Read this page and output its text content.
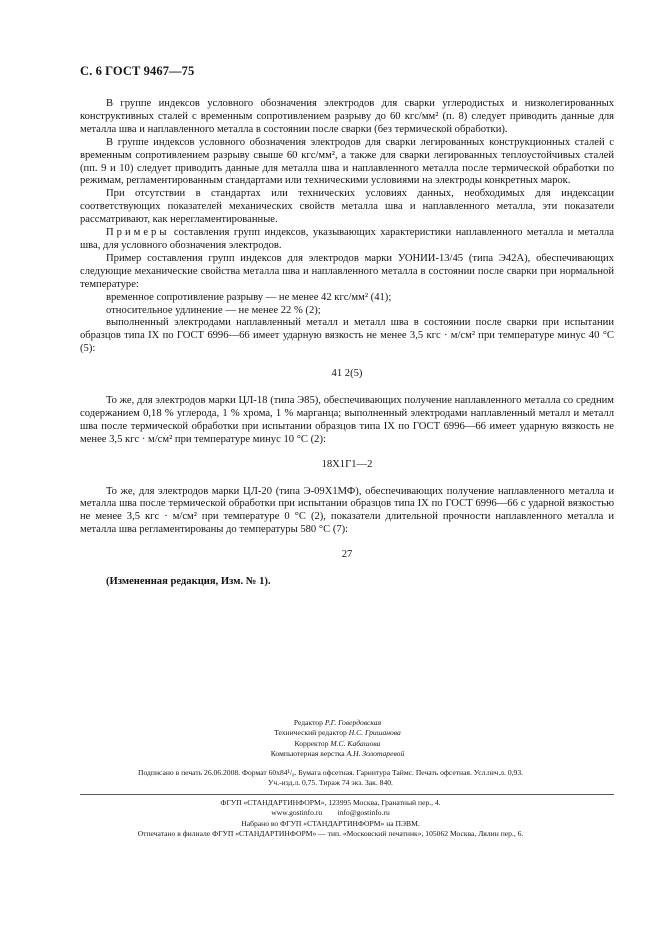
С. 6 ГОСТ 9467—75

В группе индексов условного обозначения электродов для сварки углеродистых и низколегированных конструктивных сталей с временным сопротивлением разрыву до 60 кгс/мм² (п. 8) следует приводить данные для металла шва и наплавленного металла в состоянии после сварки (без термической обработки).

В группе индексов условного обозначения электродов для сварки легированных конструкционных сталей с временным сопротивлением разрыву свыше 60 кгс/мм², а также для сварки легированных теплоустойчивых сталей (пп. 9 и 10) следует приводить данные для металла шва и наплавленного металла после термической обработки по режимам, регламентированным стандартами или техническими условиями на электроды конкретных марок.

При отсутствии в стандартах или технических условиях данных, необходимых для индексации соответствующих показателей механических свойств металла шва и наплавленного металла, эти показатели рассматривают, как нерегламентированные.

Примеры составления групп индексов, указывающих характеристики наплавленного металла и металла шва, для условного обозначения электродов.

Пример составления групп индексов для электродов марки УОНИИ-13/45 (типа Э42А), обеспечивающих следующие механические свойства металла шва и наплавленного металла в состоянии после сварки при нормальной температуре:

временное сопротивление разрыву — не менее 42 кгс/мм² (41);

относительное удлинение — не менее 22 % (2);

выполненный электродами наплавленный металл и металл шва в состоянии после сварки при испытании образцов типа IX по ГОСТ 6996—66 имеет ударную вязкость не менее 3,5 кгс · м/см² при температуре минус 40 °С (5):

41 2(5)

То же, для электродов марки ЦЛ-18 (типа Э85), обеспечивающих получение наплавленного металла со средним содержанием 0,18 % углерода, 1 % хрома, 1 % марганца; выполненный электродами наплавленный металл и металл шва после термической обработки при испытании образцов типа IX по ГОСТ 6996—66 имеет ударную вязкость не менее 3,5 кгс · м/см² при температуре минус 10 °С (2):

18Х1Г1—2

То же, для электродов марки ЦЛ-20 (типа Э-09Х1МФ), обеспечивающих получение наплавленного металла и металла шва после термической обработки при испытании образцов типа IX по ГОСТ 6996—66 с ударной вязкостью не менее 3,5 кгс · м/см² при температуре 0 °С (2), показатели длительной прочности наплавленного металла и металла шва регламентированы до температуры 580 °С (7):

27

(Измененная редакция, Изм. № 1).

Редактор Р.Г. Говердовская
Технический редактор Н.С. Гришанова
Корректор М.С. Кабашова
Компьютерная верстка А.Н. Золотаревой
Подписано в печать 26.06.2008. Формат 60x84¹/₈. Бумага офсетная. Гарнитура Таймс. Печать офсетная. Усл.печ.л. 0,93.
Уч.-изд.л. 0,75. Тираж 74 экз. Зак. 840.
ФГУП «СТАНДАРТИНФОРМ», 123995 Москва, Гранатный пер., 4.
www.gostinfo.ru info@gostinfo.ru
Набрано во ФГУП «СТАНДАРТИНФОРМ» на ПЭВМ.
Отпечатано в филиале ФГУП «СТАНДАРТИНФОРМ» — тип. «Московский печатник», 105062 Москва, Лялин пер., 6.
